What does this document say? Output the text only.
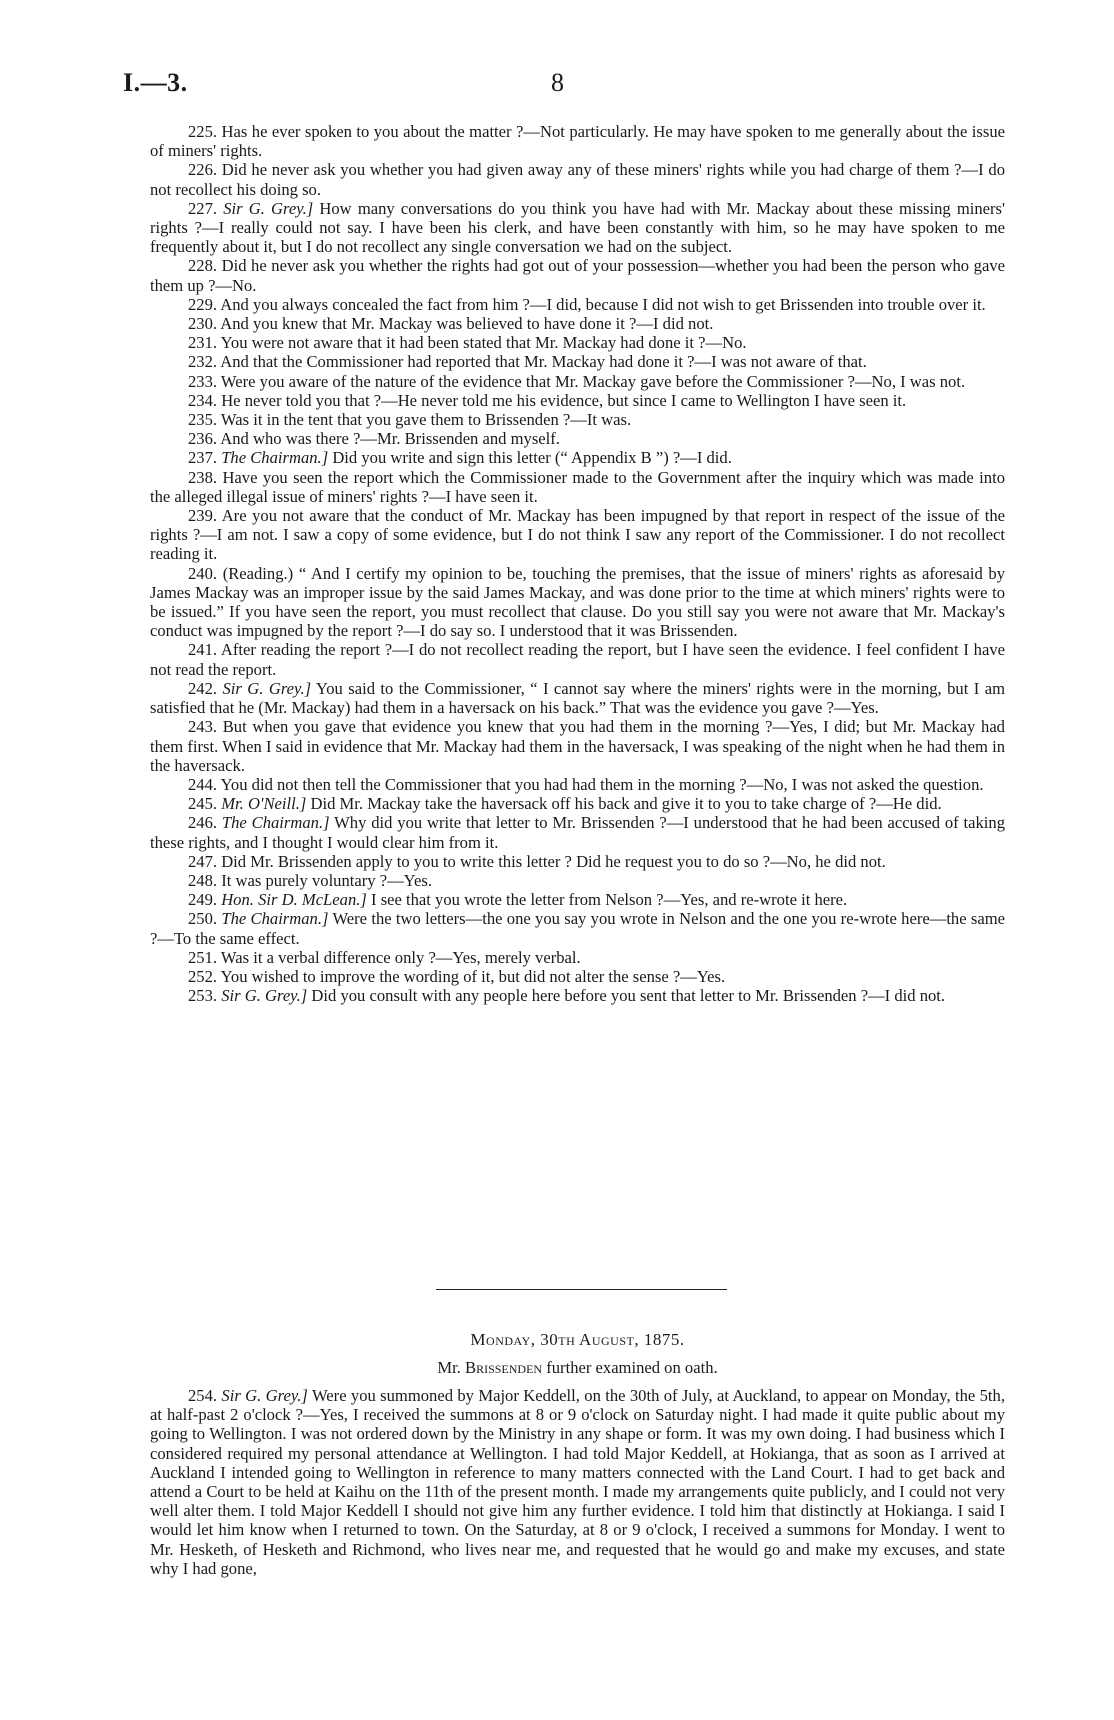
I.—3.	8

225. Has he ever spoken to you about the matter ?—Not particularly. He may have spoken to me generally about the issue of miners' rights.

226. Did he never ask you whether you had given away any of these miners' rights while you had charge of them ?—I do not recollect his doing so.

227. Sir G. Grey.] How many conversations do you think you have had with Mr. Mackay about these missing miners' rights ?—I really could not say. I have been his clerk, and have been constantly with him, so he may have spoken to me frequently about it, but I do not recollect any single conversation we had on the subject.

228. Did he never ask you whether the rights had got out of your possession—whether you had been the person who gave them up ?—No.

229. And you always concealed the fact from him ?—I did, because I did not wish to get Brissenden into trouble over it.

230. And you knew that Mr. Mackay was believed to have done it ?—I did not.

231. You were not aware that it had been stated that Mr. Mackay had done it ?—No.

232. And that the Commissioner had reported that Mr. Mackay had done it ?—I was not aware of that.

233. Were you aware of the nature of the evidence that Mr. Mackay gave before the Commissioner ?—No, I was not.

234. He never told you that ?—He never told me his evidence, but since I came to Wellington I have seen it.

235. Was it in the tent that you gave them to Brissenden ?—It was.

236. And who was there ?—Mr. Brissenden and myself.

237. The Chairman.] Did you write and sign this letter (“ Appendix B ”) ?—I did.

238. Have you seen the report which the Commissioner made to the Government after the inquiry which was made into the alleged illegal issue of miners' rights ?—I have seen it.

239. Are you not aware that the conduct of Mr. Mackay has been impugned by that report in respect of the issue of the rights ?—I am not. I saw a copy of some evidence, but I do not think I saw any report of the Commissioner. I do not recollect reading it.

240. (Reading.) “ And I certify my opinion to be, touching the premises, that the issue of miners' rights as aforesaid by James Mackay was an improper issue by the said James Mackay, and was done prior to the time at which miners' rights were to be issued.” If you have seen the report, you must recollect that clause. Do you still say you were not aware that Mr. Mackay's conduct was impugned by the report ?—I do say so. I understood that it was Brissenden.

241. After reading the report ?—I do not recollect reading the report, but I have seen the evidence. I feel confident I have not read the report.

242. Sir G. Grey.] You said to the Commissioner, “ I cannot say where the miners' rights were in the morning, but I am satisfied that he (Mr. Mackay) had them in a haversack on his back.” That was the evidence you gave ?—Yes.

243. But when you gave that evidence you knew that you had them in the morning ?—Yes, I did; but Mr. Mackay had them first. When I said in evidence that Mr. Mackay had them in the haversack, I was speaking of the night when he had them in the haversack.

244. You did not then tell the Commissioner that you had had them in the morning ?—No, I was not asked the question.

245. Mr. O'Neill.] Did Mr. Mackay take the haversack off his back and give it to you to take charge of ?—He did.

246. The Chairman.] Why did you write that letter to Mr. Brissenden ?—I understood that he had been accused of taking these rights, and I thought I would clear him from it.

247. Did Mr. Brissenden apply to you to write this letter ? Did he request you to do so ?—No, he did not.

248. It was purely voluntary ?—Yes.

249. Hon. Sir D. McLean.] I see that you wrote the letter from Nelson ?—Yes, and re-wrote it here.

250. The Chairman.] Were the two letters—the one you say you wrote in Nelson and the one you re-wrote here—the same ?—To the same effect.

251. Was it a verbal difference only ?—Yes, merely verbal.

252. You wished to improve the wording of it, but did not alter the sense ?—Yes.

253. Sir G. Grey.] Did you consult with any people here before you sent that letter to Mr. Brissenden ?—I did not.

Monday, 30th August, 1875.
Mr. Brissenden further examined on oath.

254. Sir G. Grey.] Were you summoned by Major Keddell, on the 30th of July, at Auckland, to appear on Monday, the 5th, at half-past 2 o'clock ?—Yes, I received the summons at 8 or 9 o'clock on Saturday night. I had made it quite public about my going to Wellington. I was not ordered down by the Ministry in any shape or form. It was my own doing. I had business which I considered required my personal attendance at Wellington. I had told Major Keddell, at Hokianga, that as soon as I arrived at Auckland I intended going to Wellington in reference to many matters connected with the Land Court. I had to get back and attend a Court to be held at Kaihu on the 11th of the present month. I made my arrangements quite publicly, and I could not very well alter them. I told Major Keddell I should not give him any further evidence. I told him that distinctly at Hokianga. I said I would let him know when I returned to town. On the Saturday, at 8 or 9 o'clock, I received a summons for Monday. I went to Mr. Hesketh, of Hesketh and Richmond, who lives near me, and requested that he would go and make my excuses, and state why I had gone,
